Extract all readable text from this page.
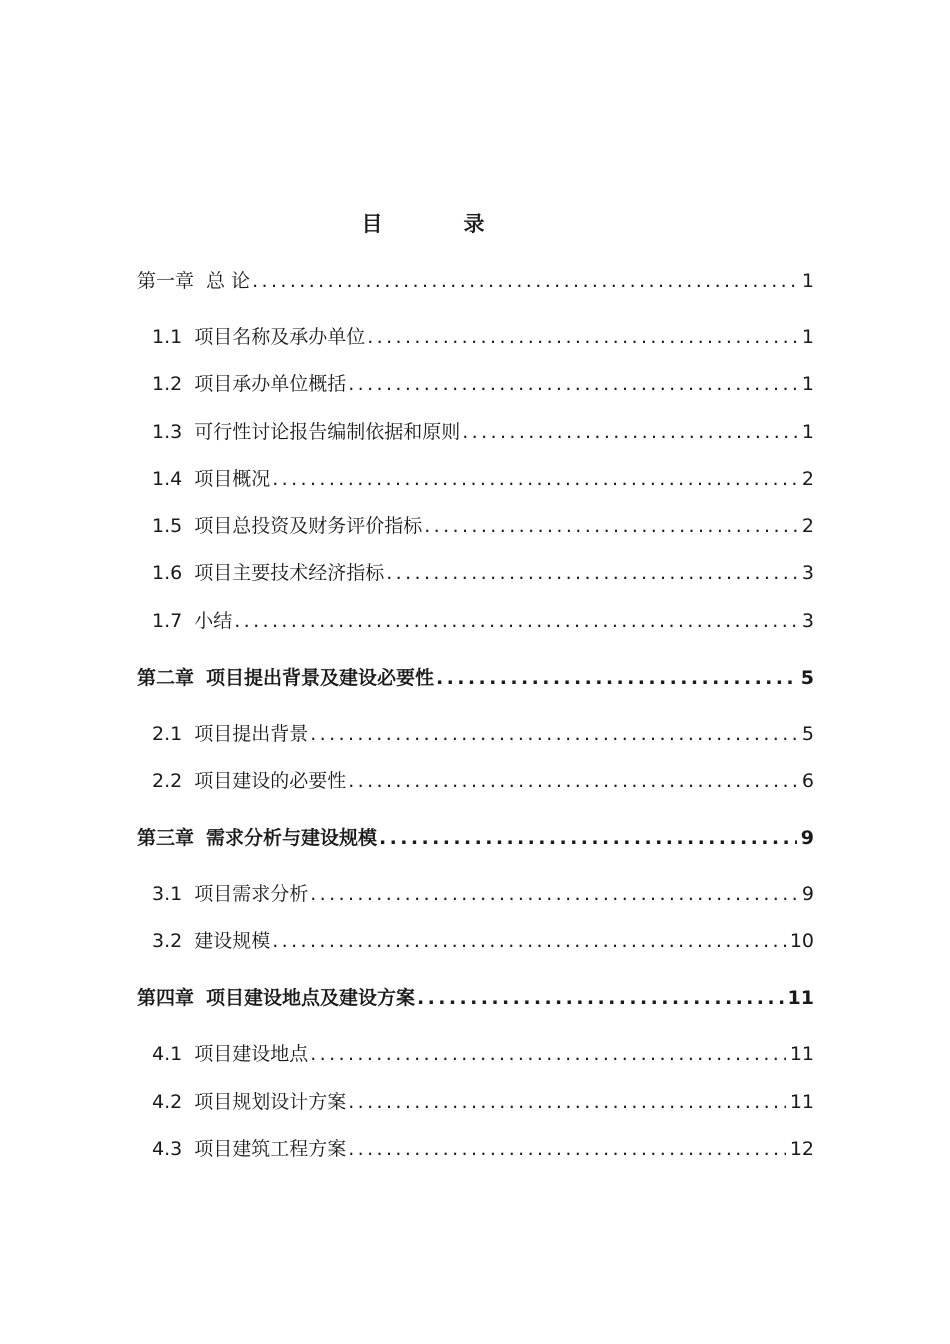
目　录
第一章 总 论 .....	1
1.1 项目名称及承办单位 .....	1
1.2 项目承办单位概括 .....	1
1.3 可行性讨论报告编制依据和原则 .....	1
1.4 项目概况 .....	2
1.5 项目总投资及财务评价指标 .....	2
1.6 项目主要技术经济指标 .....	3
1.7 小结 .....	3
第二章 项目提出背景及建设必要性 .....	5
2.1 项目提出背景 .....	5
2.2 项目建设的必要性 .....	6
第三章 需求分析与建设规模 .....	9
3.1 项目需求分析 .....	9
3.2 建设规模 .....	10
第四章 项目建设地点及建设方案 .....	11
4.1 项目建设地点 .....	11
4.2 项目规划设计方案 .....	11
4.3 项目建筑工程方案 .....	12
